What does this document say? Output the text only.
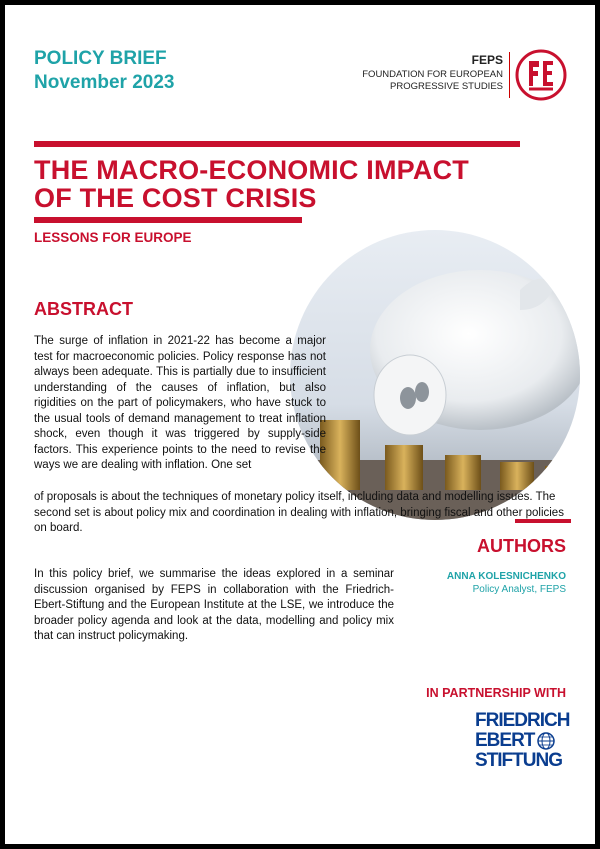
POLICY BRIEF
November 2023
FEPS
FOUNDATION FOR EUROPEAN
PROGRESSIVE STUDIES
THE MACRO-ECONOMIC IMPACT
OF THE COST CRISIS
LESSONS FOR EUROPE
ABSTRACT

The surge of inflation in 2021-22 has become a major test for macroeconomic policies. Policy response has not always been adequate. This is partially due to insufficient understanding of the causes of inflation, but also rigidities on the part of policymakers, who have stuck to the usual tools of demand management to treat inflation shock, even though it was triggered by supply-side factors. This experience points to the need to revise the ways we are dealing with inflation. One set

of proposals is about the techniques of monetary policy itself, including data and modelling issues. The second set is about policy mix and coordination in dealing with inflation, bringing fiscal and other policies on board.

In this policy brief, we summarise the ideas explored in a seminar discussion organised by FEPS in collaboration with the Friedrich-Ebert-Stiftung and the European Institute at the LSE, we introduce the broader policy agenda and look at the data, modelling and policy mix that can instruct policymaking.

AUTHORS
ANNA KOLESNICHENKO
Policy Analyst, FEPS
IN PARTNERSHIP WITH
FRIEDRICH
EBERT
STIFTUNG
